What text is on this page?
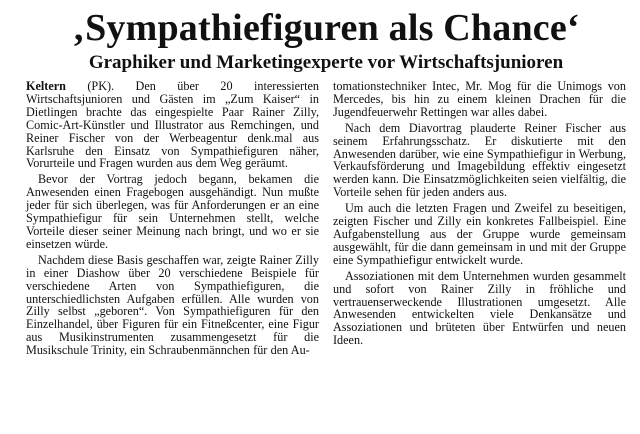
‚Sympathiefiguren als Chance‘
Graphiker und Marketingexperte vor Wirtschaftsjunioren

Keltern (PK). Den über 20 interessierten Wirtschaftsjunioren und Gästen im „Zum Kaiser“ in Dietlingen brachte das eingespielte Paar Rainer Zilly, Comic-Art-Künstler und Illustrator aus Remchingen, und Reiner Fischer von der Werbeagentur denk.mal aus Karlsruhe den Einsatz von Sympathiefiguren näher, Vorurteile und Fragen wurden aus dem Weg geräumt.

Bevor der Vortrag jedoch begann, bekamen die Anwesenden einen Fragebogen ausgehändigt. Nun mußte jeder für sich überlegen, was für Anforderungen er an eine Sympathiefigur für sein Unternehmen stellt, welche Vorteile dieser seiner Meinung nach bringt, und wo er sie einsetzen würde.

Nachdem diese Basis geschaffen war, zeigte Rainer Zilly in einer Diashow über 20 verschiedene Beispiele für verschiedene Arten von Sympathiefiguren, die unterschiedlichsten Aufgaben erfüllen. Alle wurden von Zilly selbst „geboren“. Von Sympathiefiguren für den Einzelhandel, über Figuren für ein Fitneßcenter, eine Figur aus Musikinstrumenten zusammengesetzt für die Musikschule Trinity, ein Schraubenmännchen für den Au-

tomationstechniker Intec, Mr. Mog für die Unimogs von Mercedes, bis hin zu einem kleinen Drachen für die Jugendfeuerwehr Rettingen war alles dabei.

Nach dem Diavortrag plauderte Reiner Fischer aus seinem Erfahrungsschatz. Er diskutierte mit den Anwesenden darüber, wie eine Sympathiefigur in Werbung, Verkaufsförderung und Imagebildung effektiv eingesetzt werden kann. Die Einsatzmöglichkeiten seien vielfältig, die Vorteile sehen für jeden anders aus.

Um auch die letzten Fragen und Zweifel zu beseitigen, zeigten Fischer und Zilly ein konkretes Fallbeispiel. Eine Aufgabenstellung aus der Gruppe wurde gemeinsam ausgewählt, für die dann gemeinsam in und mit der Gruppe eine Sympathiefigur entwickelt wurde.

Assoziationen mit dem Unternehmen wurden gesammelt und sofort von Rainer Zilly in fröhliche und vertrauenserweckende Illustrationen umgesetzt. Alle Anwesenden entwickelten viele Denkansätze und Assoziationen und brüteten über Entwürfen und neuen Ideen.
